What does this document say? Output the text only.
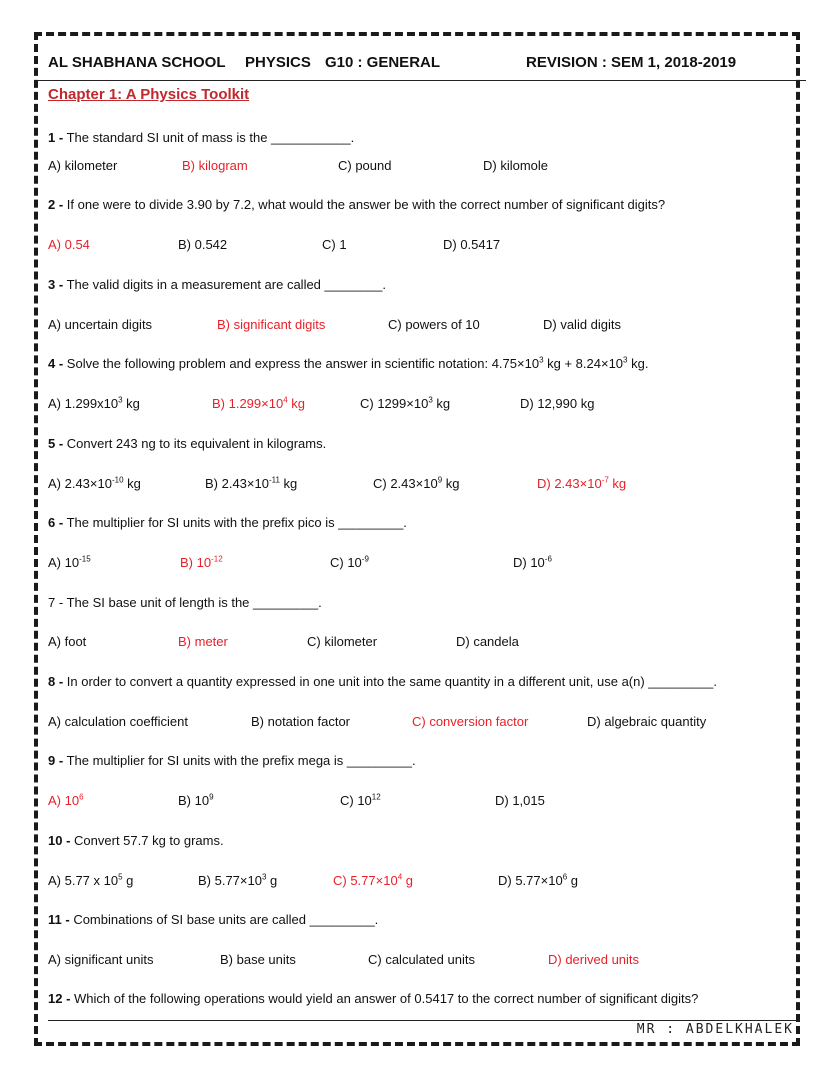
AL SHABHANA SCHOOL PHYSICS G10 : GENERAL	REVISION : SEM 1, 2018-2019
Chapter 1: A Physics Toolkit
1 - The standard SI unit of mass is the ___________.
A) kilometer	B) kilogram	C) pound	D) kilomole
2 - If one were to divide 3.90 by 7.2, what would the answer be with the correct number of significant digits?
A) 0.54	B) 0.542	C) 1	D) 0.5417
3 - The valid digits in a measurement are called ________.
A) uncertain digits	B) significant digits	C) powers of 10	D) valid digits
4 - Solve the following problem and express the answer in scientific notation: $4.75\times 10^3$ kg + $8.24\times 10^3$ kg.
A) $1.299x10^3$ kg	B) $1.299\times 10^4$ kg	C) $1299\times 10^3$ kg	D) 12,990 kg
5 - Convert 243 ng to its equivalent in kilograms.
A) $2.43\times 10^{-10}$ kg	B) $2.43\times 10^{-11}$ kg	C) $2.43\times 10^9$ kg	D) $2.43\times 10^{-7}$ kg
6 - The multiplier for SI units with the prefix pico is _________.
A) $10^{-15}$	B) $10^{-12}$	C) $10^{-9}$	D) $10^{-6}$
7 - The SI base unit of length is the _________.
A) foot	B) meter	C) kilometer	D) candela
8 - In order to convert a quantity expressed in one unit into the same quantity in a different unit, use a(n) _________.
A) calculation coefficient	B) notation factor	C) conversion factor	D) algebraic quantity
9 - The multiplier for SI units with the prefix mega is _________.
A) $10^6$	B) $10^9$	C) $10^{12}$	D) 1,015
10 - Convert 57.7 kg to grams.
A) 5.77 x $10^5$ g	B) $5.77\times 10^3$ g	C) $5.77\times 10^4$ g	D) $5.77\times 10^6$ g
11 - Combinations of SI base units are called _________.
A) significant units	B) base units	C) calculated units	D) derived units
12 - Which of the following operations would yield an answer of 0.5417 to the correct number of significant digits?
MR : ABDELKHALEK
